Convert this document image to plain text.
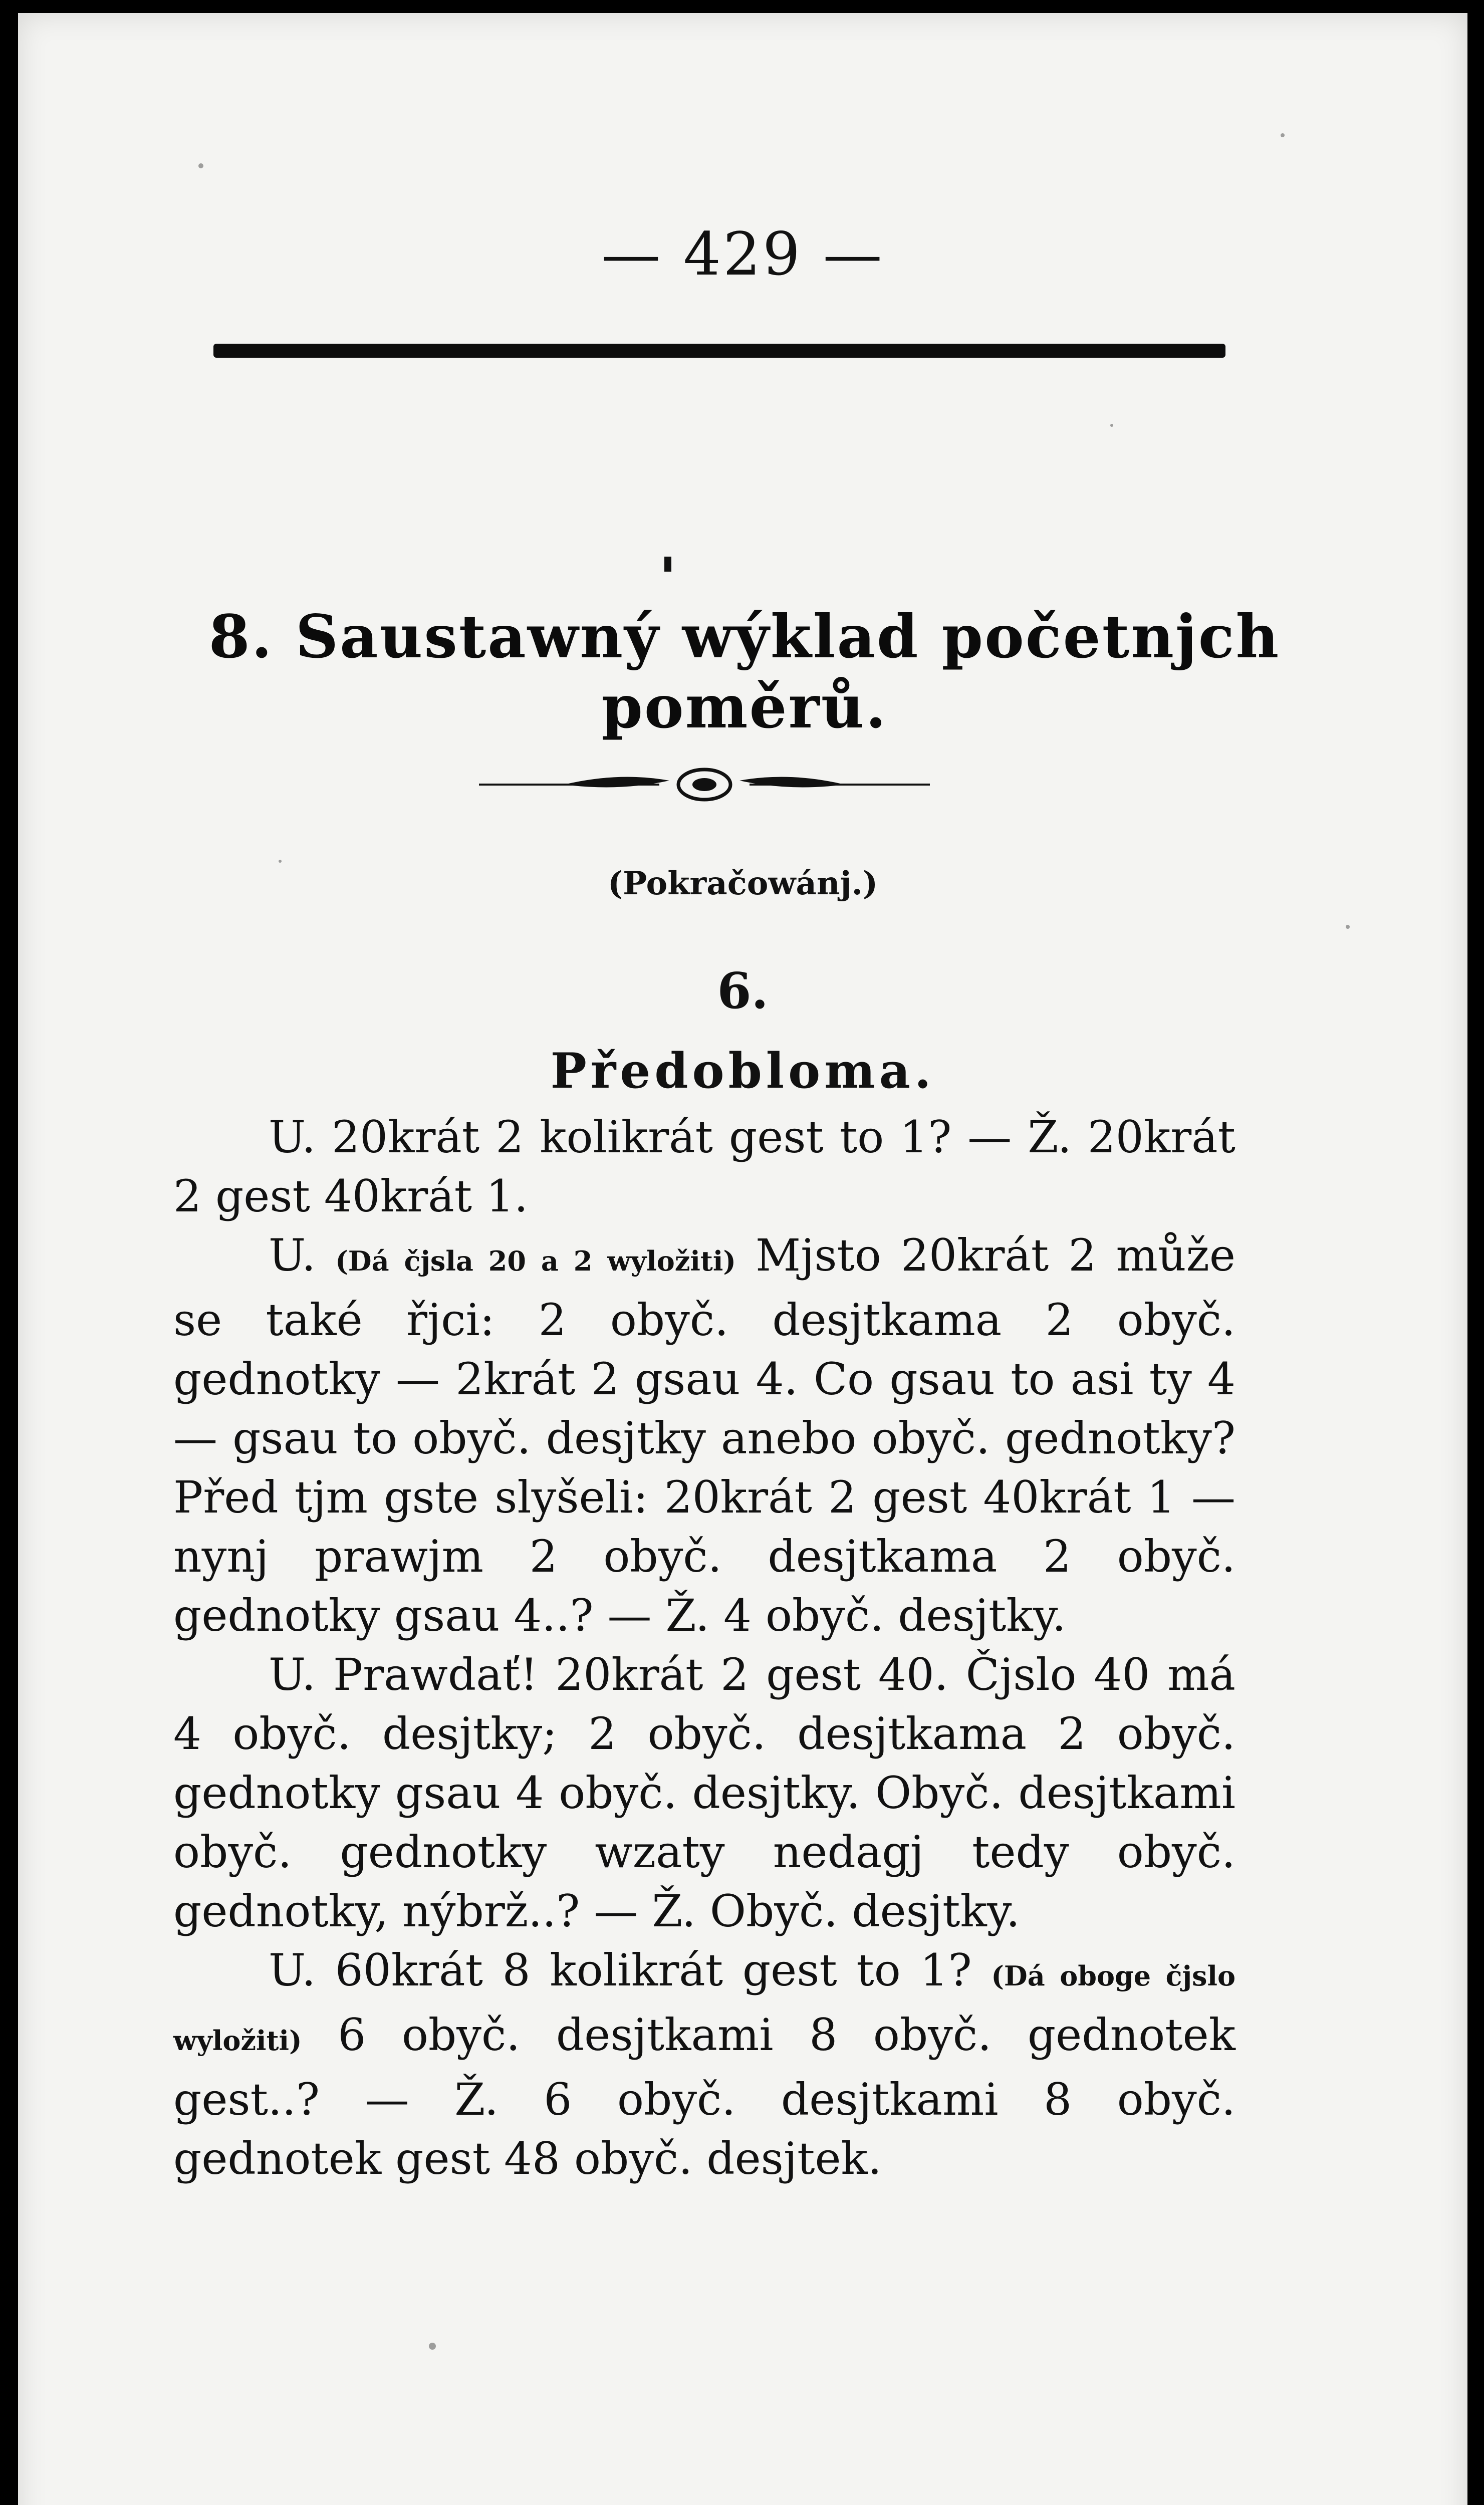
— 429 —
8. Saustawný wýklad početnjch
poměrů.
(Pokračowánj.)
6.
Předobloma.

U. 20krát 2 kolikrát gest to 1? — Ž. 20krát 2 gest 40krát 1.

U. (Dá čjsla 20 a 2 wyložiti) Mjsto 20krát 2 může se také řjci: 2 obyč. desjtkama 2 obyč. gednotky — 2krát 2 gsau 4. Co gsau to asi ty 4 — gsau to obyč. desjtky anebo obyč. gednotky? Před tjm gste slyšeli: 20krát 2 gest 40krát 1 — nynj prawjm 2 obyč. desjtkama 2 obyč. gednotky gsau 4..? — Ž. 4 obyč. desjtky.

U. Prawdať! 20krát 2 gest 40. Čjslo 40 má 4 obyč. desjtky; 2 obyč. desjtkama 2 obyč. gednotky gsau 4 obyč. desjtky. Obyč. desjtkami obyč. gednotky wzaty nedagj tedy obyč. gednotky, nýbrž..? — Ž. Obyč. desjtky.

U. 60krát 8 kolikrát gest to 1? (Dá oboge čjslo wyložiti) 6 obyč. desjtkami 8 obyč. gednotek gest..? — Ž. 6 obyč. desjtkami 8 obyč. gednotek gest 48 obyč. desjtek.
